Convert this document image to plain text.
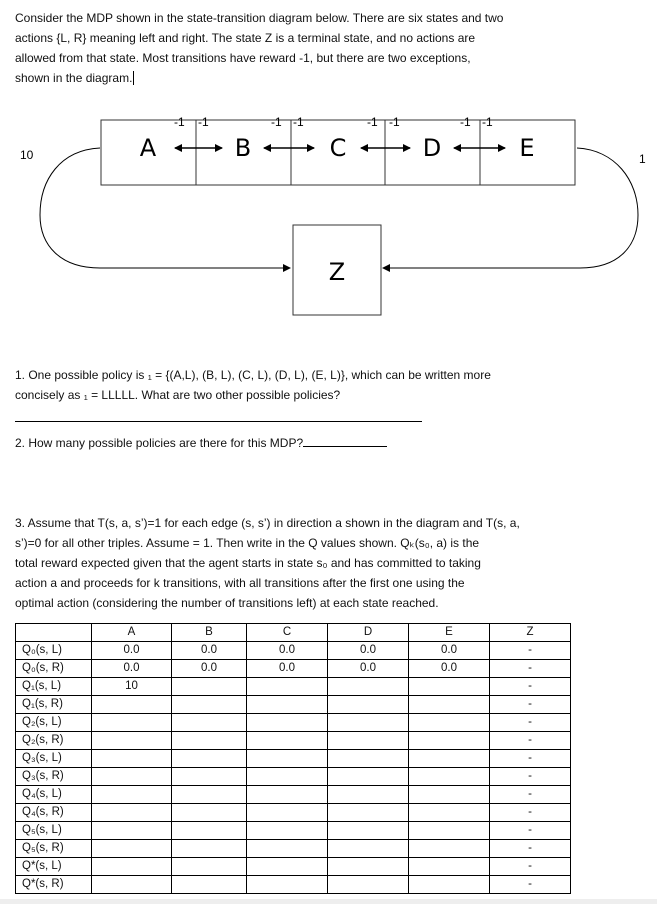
Consider the MDP shown in the state-transition diagram below. There are six states and two

actions {L, R} meaning left and right. The state Z is a terminal state, and no actions are

allowed from that state. Most transitions have reward -1, but there are two exceptions,

shown in the diagram.

A	B	C	D	E
Z
-1 -1	-1 -1	-1 -1	-1 -1
10	1

1. One possible policy is ₁ = {(A,L), (B, L), (C, L), (D, L), (E, L)}, which can be written more

concisely as ₁ = LLLLL. What are two other possible policies?

2. How many possible policies are there for this MDP?

3. Assume that T(s, a, s’)=1 for each edge (s, s’) in direction a shown in the diagram and T(s, a,

s’)=0 for all other triples. Assume = 1. Then write in the Q values shown. Qₖ(s₀, a) is the

total reward expected given that the agent starts in state s₀ and has committed to taking

action a and proceeds for k transitions, with all transitions after the first one using the

optimal action (considering the number of transitions left) at each state reached.

	A	B	C	D	E	Z
Q₀(s, L)	0.0	0.0	0.0	0.0	0.0	-
Q₀(s, R)	0.0	0.0	0.0	0.0	0.0	-
Q₁(s, L)	10					-
Q₁(s, R)						-
Q₂(s, L)						-
Q₂(s, R)						-
Q₃(s, L)						-
Q₃(s, R)						-
Q₄(s, L)						-
Q₄(s, R)						-
Q₅(s, L)						-
Q₅(s, R)						-
Q*(s, L)						-
Q*(s, R)						-
